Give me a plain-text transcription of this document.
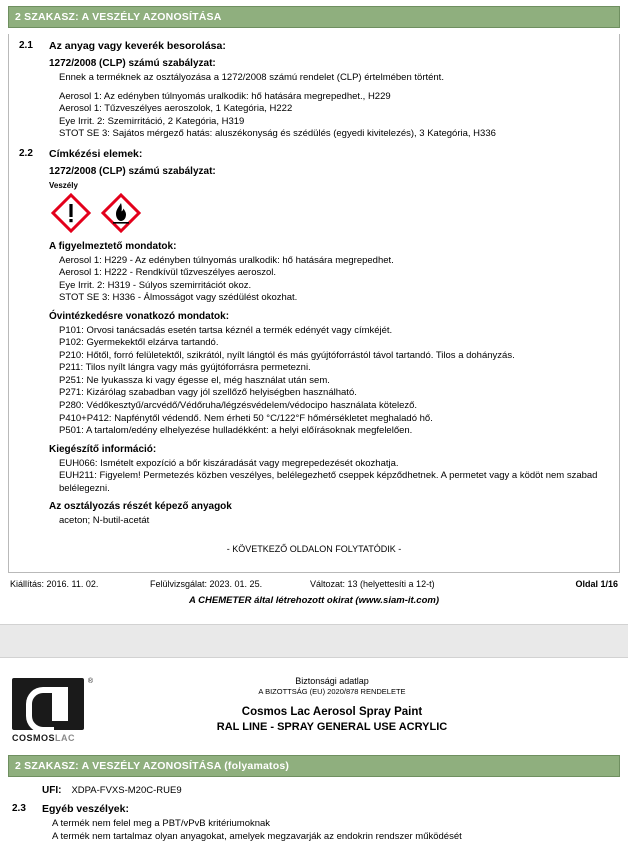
2 SZAKASZ: A VESZÉLY AZONOSÍTÁSA
2.1	Az anyag vagy keverék besorolása:
1272/2008 (CLP) számú szabályzat:

Ennek a terméknek az osztályozása a 1272/2008 számú rendelet (CLP) értelmében történt.

Aerosol 1: Az edényben túlnyomás uralkodik: hő hatására megrepedhet., H229

Aerosol 1: Tűzveszélyes aeroszolok, 1 Kategória, H222

Eye Irrit. 2: Szemirritáció, 2 Kategória, H319

STOT SE 3: Sajátos mérgező hatás: aluszékonyság és szédülés (egyedi kivitelezés), 3 Kategória, H336

2.2	Címkézési elemek:
1272/2008 (CLP) számú szabályzat:
Veszély
A figyelmeztető mondatok:

Aerosol 1: H229 - Az edényben túlnyomás uralkodik: hő hatására megrepedhet.

Aerosol 1: H222 - Rendkívül tűzveszélyes aeroszol.

Eye Irrit. 2: H319 - Súlyos szemirritációt okoz.

STOT SE 3: H336 - Álmosságot vagy szédülést okozhat.

Óvintézkedésre vonatkozó mondatok:

P101: Orvosi tanácsadás esetén tartsa kéznél a termék edényét vagy címkéjét.

P102: Gyermekektől elzárva tartandó.

P210: Hőtől, forró felületektől, szikrától, nyílt lángtól és más gyújtóforrástól távol tartandó. Tilos a dohányzás.

P211: Tilos nyílt lángra vagy más gyújtóforrásra permetezni.

P251: Ne lyukassza ki vagy égesse el, még használat után sem.

P271: Kizárólag szabadban vagy jól szellőző helyiségben használható.

P280: Védőkesztyű/arcvédő/Védőruha/légzésvédelem/védocipo használata kötelező.

P410+P412: Napfénytől védendő. Nem érheti 50 °C/122°F hőmérsékletet meghaladó hő.

P501: A tartalom/edény elhelyezése hulladékként: a helyi előírásoknak megfelelően.

Kiegészítő információ:

EUH066: Ismételt expozíció a bőr kiszáradását vagy megrepedezését okozhatja.

EUH211: Figyelem! Permetezés közben veszélyes, belélegezhető cseppek képződhetnek. A permetet vagy a ködöt nem szabad belélegezni.

Az osztályozás részét képező anyagok

aceton; N-butil-acetát

- KÖVETKEZŐ OLDALON FOLYTATÓDIK -
Kiállítás: 2016. 11. 02.	Felülvizsgálat: 2023. 01. 25.	Változat: 13 (helyettesíti a 12-t)	Oldal 1/16
A CHEMETER által létrehozott okirat (www.siam-it.com)
®
COSMOSLAC
Biztonsági adatlap
A BIZOTTSÁG (EU) 2020/878 RENDELETE
Cosmos Lac Aerosol Spray Paint
RAL LINE - SPRAY GENERAL USE ACRYLIC
2 SZAKASZ: A VESZÉLY AZONOSÍTÁSA (folyamatos)
UFI: XDPA-FVXS-M20C-RUE9
2.3	Egyéb veszélyek:

A termék nem felel meg a PBT/vPvB kritériumoknak

A termék nem tartalmaz olyan anyagokat, amelyek megzavarják az endokrin rendszer működését
